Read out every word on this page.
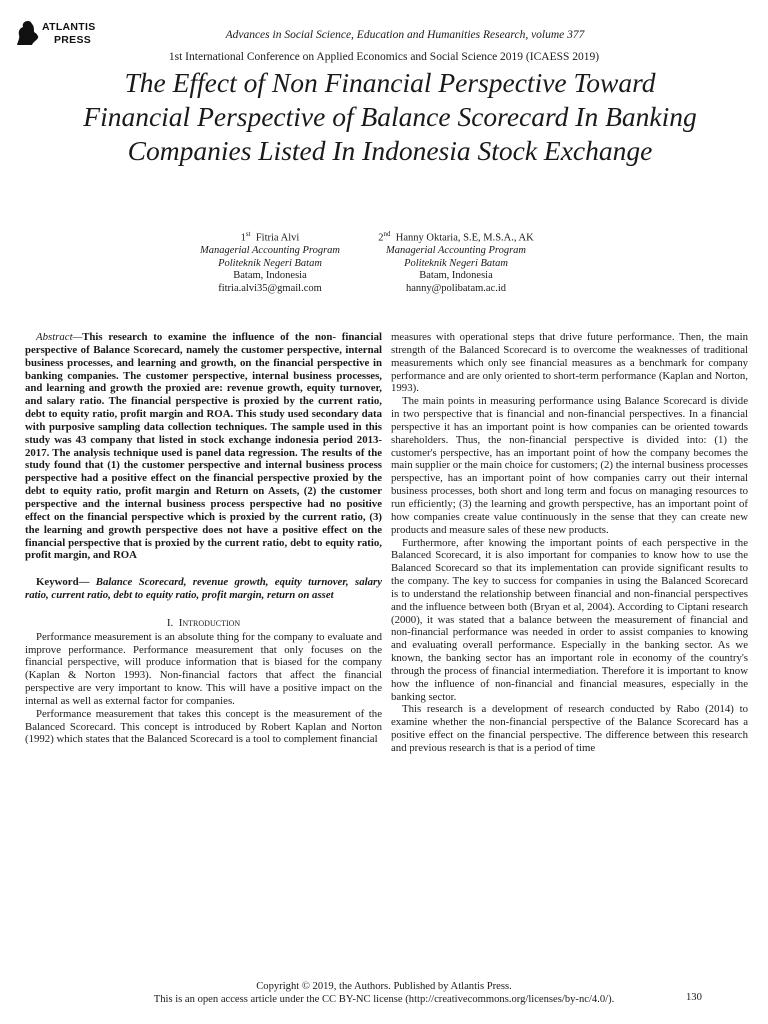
ATLANTIS
PRESS	Advances in Social Science, Education and Humanities Research, volume 377
1st International Conference on Applied Economics and Social Science 2019 (ICAESS 2019)
The Effect of Non Financial Perspective Toward Financial Perspective of Balance Scorecard In Banking Companies Listed In Indonesia Stock Exchange
1st Fitria Alvi
Managerial Accounting Program
Politeknik Negeri Batam
Batam, Indonesia
fitria.alvi35@gmail.com
2nd Hanny Oktaria, S.E, M.S.A., AK
Managerial Accounting Program
Politeknik Negeri Batam
Batam, Indonesia
hanny@polibatam.ac.id

Abstract—This research to examine the influence of the non- financial perspective of Balance Scorecard, namely the customer perspective, internal business processes, and learning and growth, on the financial perspective in banking companies. The customer perspective, internal business processes, and learning and growth the proxied are: revenue growth, equity turnover, and salary ratio. The financial perspective is proxied by the current ratio, debt to equity ratio, profit margin and ROA. This study used secondary data with purposive sampling data collection techniques. The sample used in this study was 43 company that listed in stock exchange indonesia period 2013-2017. The analysis technique used is panel data regression. The results of the study found that (1) the customer perspective and internal business process perspective had a positive effect on the financial perspective proxied by the debt to equity ratio, profit margin and Return on Assets, (2) the customer perspective and the internal business process perspective had no positive effect on the financial perspective which is proxied by the current ratio, (3) the learning and growth perspective does not have a positive effect on the financial perspective that is proxied by the current ratio, debt to equity ratio, profit margin, and ROA

Keyword— Balance Scorecard, revenue growth, equity turnover, salary ratio, current ratio, debt to equity ratio, profit margin, return on asset

I. Introduction

Performance measurement is an absolute thing for the company to evaluate and improve performance. Performance measurement that only focuses on the financial perspective, will produce information that is biased for the company (Kaplan & Norton 1993). Non-financial factors that affect the financial perspective are very important to know. This will have a positive impact on the internal as well as external factor for companies.

Performance measurement that takes this concept is the measurement of the Balanced Scorecard. This concept is introduced by Robert Kaplan and Norton (1992) which states that the Balanced Scorecard is a tool to complement financial

measures with operational steps that drive future performance. Then, the main strength of the Balanced Scorecard is to overcome the weaknesses of traditional measurements which only see financial measures as a benchmark for company performance and are only oriented to short-term performance (Kaplan and Norton, 1993).

The main points in measuring performance using Balance Scorecard is divide in two perspective that is financial and non-financial perspectives. In a financial perspective it has an important point is how companies can be oriented towards shareholders. Thus, the non-financial perspective is divided into: (1) the customer's perspective, has an important point of how the company becomes the main supplier or the main choice for customers; (2) the internal business processes perspective, has an important point of how companies carry out their internal business processes, both short and long term and focus on managing resources to run efficiently; (3) the learning and growth perspective, has an important point of how companies create value continuously in the sense that they can create new products and measure sales of these new products.

Furthermore, after knowing the important points of each perspective in the Balanced Scorecard, it is also important for companies to know how to use the Balanced Scorecard so that its implementation can provide significant results to the company. The key to success for companies in using the Balanced Scorecard is to understand the relationship between financial and non-financial perspectives and the influence between both (Bryan et al, 2004). According to Ciptani research (2000), it was stated that a balance between the measurement of financial and non-financial performance was needed in order to assist companies to knowing and evaluating overall performance. Especially in the banking sector. As we known, the banking sector has an important role in economy of the country's through the process of financial intermediation. Therefore it is important to know how the influence of non-financial and financial measures, especially in the banking sector.

This research is a development of research conducted by Rabo (2014) to examine whether the non-financial perspective of the Balance Scorecard has a positive effect on the financial perspective. The difference between this research and previous research is that is a period of time

Copyright © 2019, the Authors. Published by Atlantis Press.
This is an open access article under the CC BY-NC license (http://creativecommons.org/licenses/by-nc/4.0/).	130
